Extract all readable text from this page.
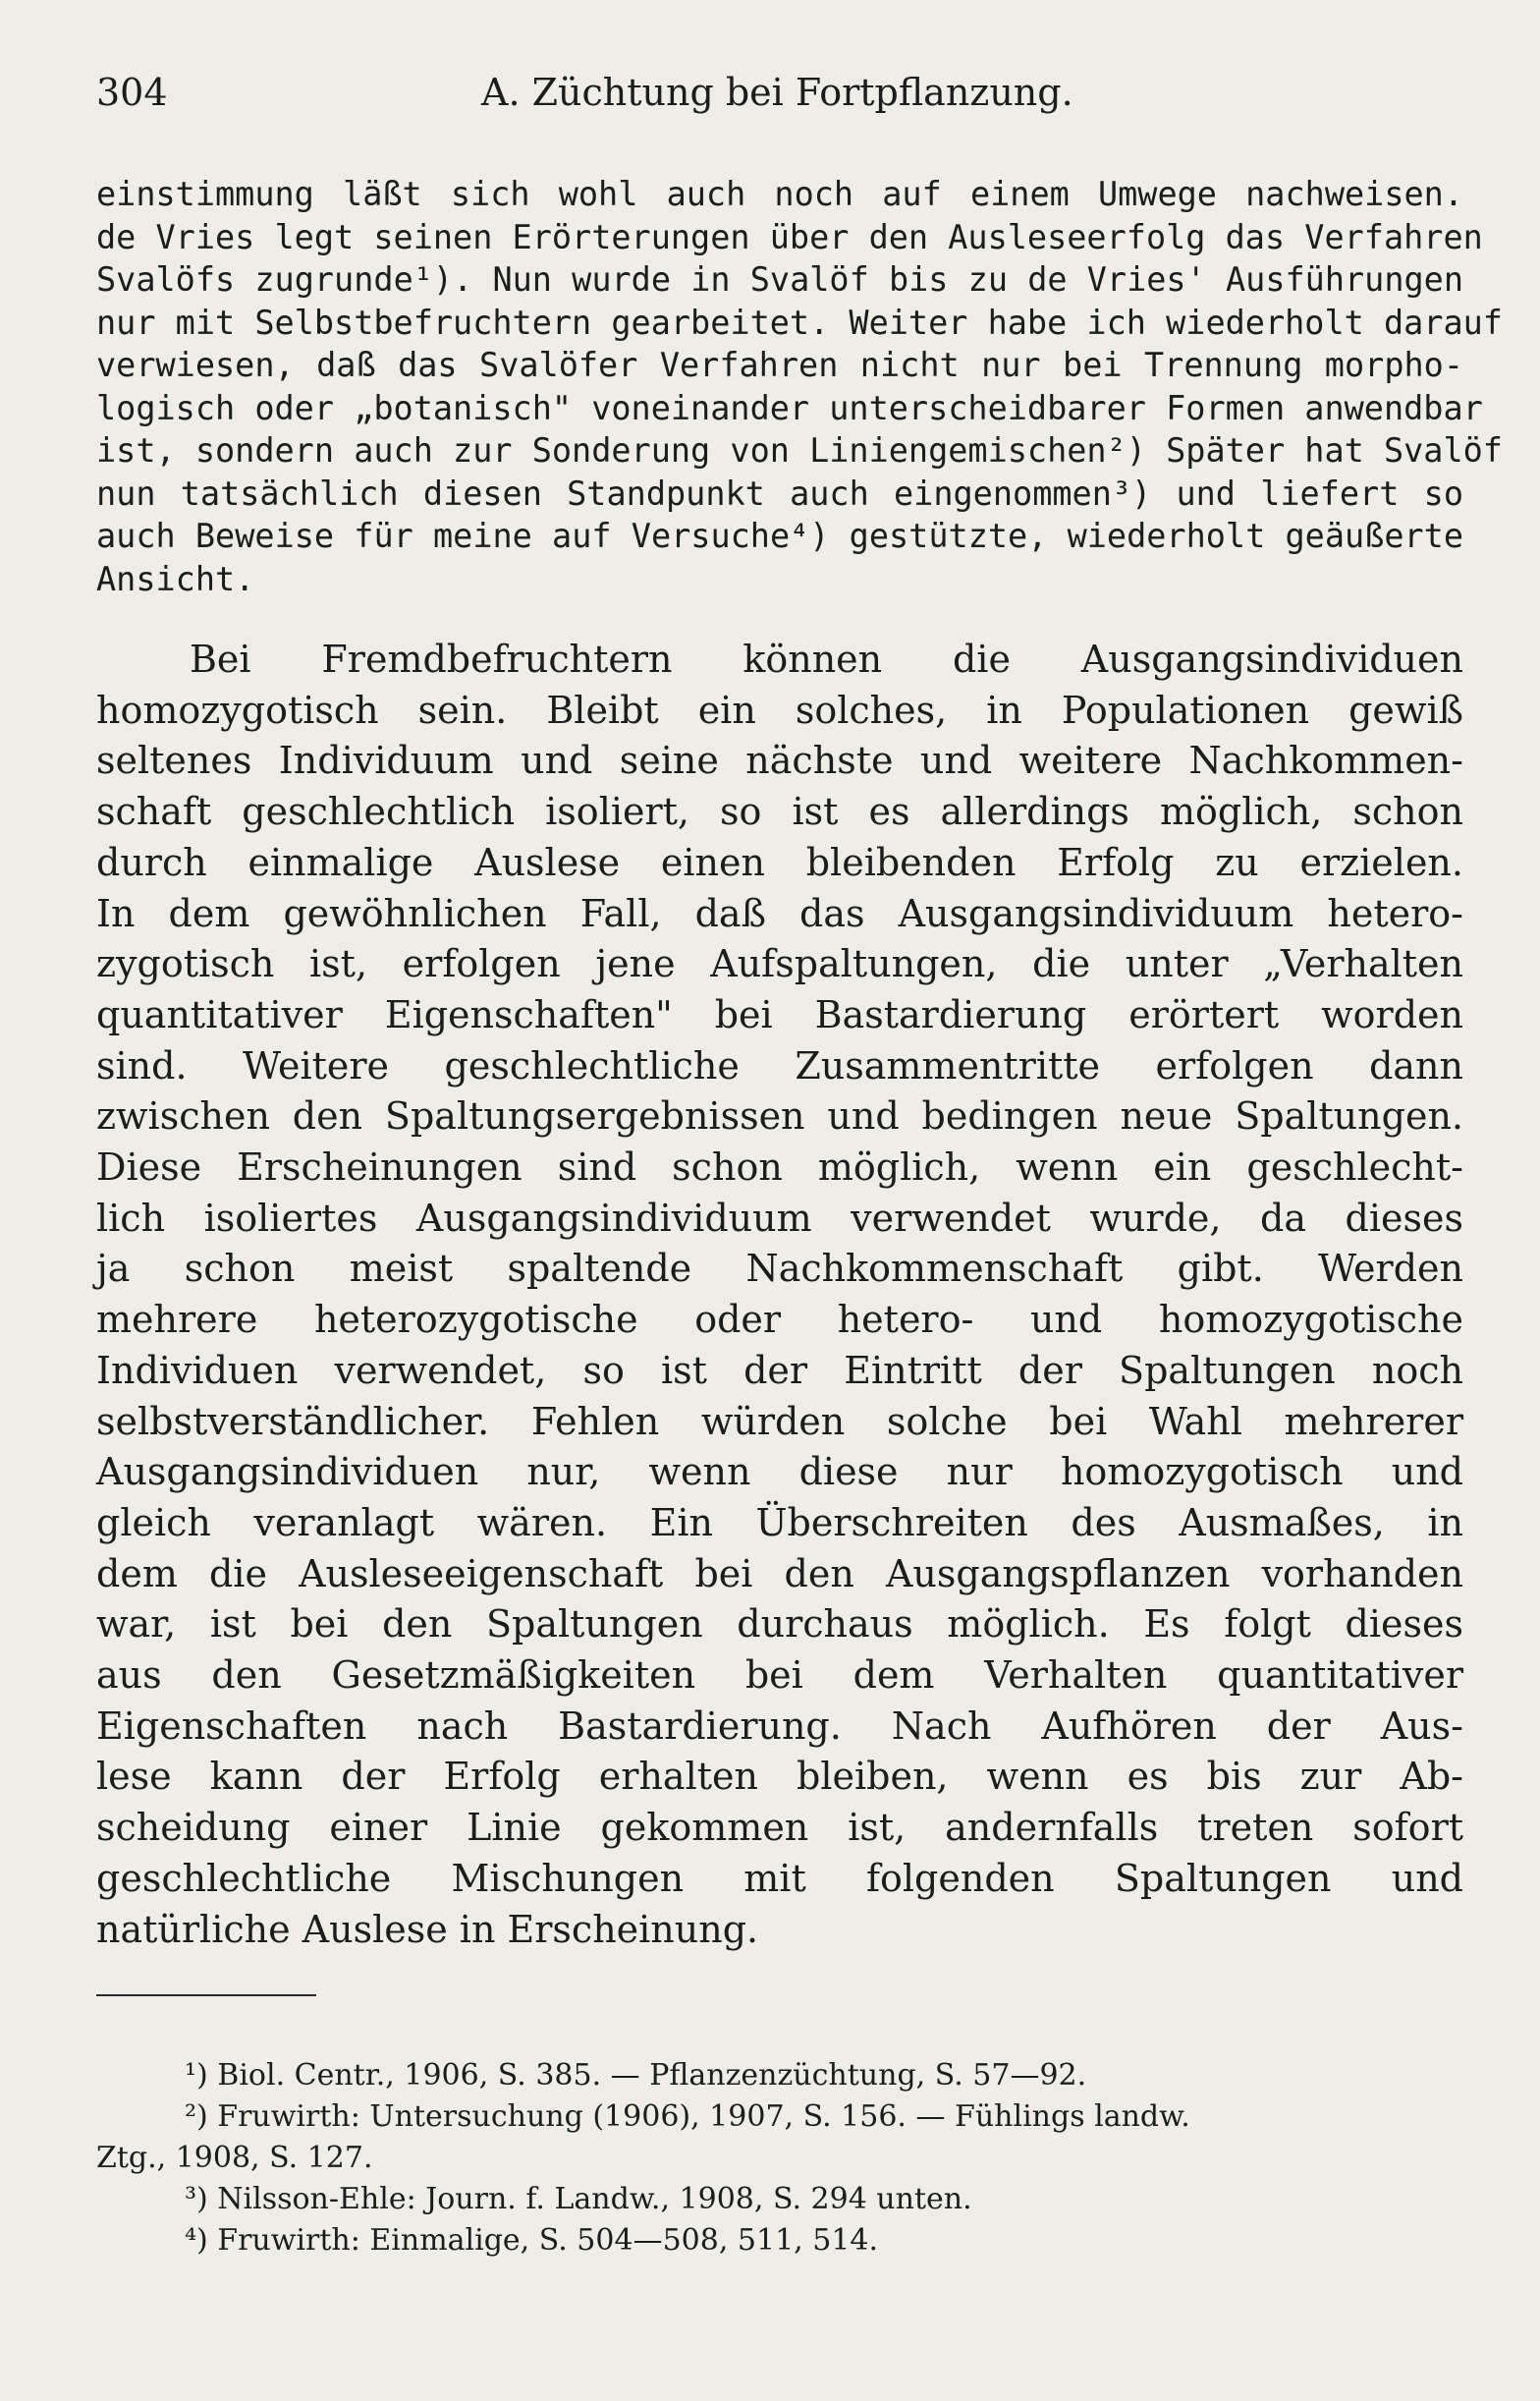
304	A. Züchtung bei Fortpflanzung.
einstimmung läßt sich wohl auch noch auf einem Umwege nachweisen.
de Vries legt seinen Erörterungen über den Ausleseerfolg das Verfahren
Svalöfs zugrunde¹). Nun wurde in Svalöf bis zu de Vries' Ausführungen
nur mit Selbstbefruchtern gearbeitet. Weiter habe ich wiederholt darauf
verwiesen, daß das Svalöfer Verfahren nicht nur bei Trennung morpho-
logisch oder „botanisch" voneinander unterscheidbarer Formen anwendbar
ist, sondern auch zur Sonderung von Liniengemischen²) Später hat Svalöf
nun tatsächlich diesen Standpunkt auch eingenommen³) und liefert so
auch Beweise für meine auf Versuche⁴) gestützte, wiederholt geäußerte
Ansicht.
Bei Fremdbefruchtern können die Ausgangsindividuen
homozygotisch sein. Bleibt ein solches, in Populationen gewiß
seltenes Individuum und seine nächste und weitere Nachkommen-
schaft geschlechtlich isoliert, so ist es allerdings möglich, schon
durch einmalige Auslese einen bleibenden Erfolg zu erzielen.
In dem gewöhnlichen Fall, daß das Ausgangsindividuum hetero-
zygotisch ist, erfolgen jene Aufspaltungen, die unter „Verhalten
quantitativer Eigenschaften" bei Bastardierung erörtert worden
sind. Weitere geschlechtliche Zusammentritte erfolgen dann
zwischen den Spaltungsergebnissen und bedingen neue Spaltungen.
Diese Erscheinungen sind schon möglich, wenn ein geschlecht-
lich isoliertes Ausgangsindividuum verwendet wurde, da dieses
ja schon meist spaltende Nachkommenschaft gibt. Werden
mehrere heterozygotische oder hetero- und homozygotische
Individuen verwendet, so ist der Eintritt der Spaltungen noch
selbstverständlicher. Fehlen würden solche bei Wahl mehrerer
Ausgangsindividuen nur, wenn diese nur homozygotisch und
gleich veranlagt wären. Ein Überschreiten des Ausmaßes, in
dem die Ausleseeigenschaft bei den Ausgangspflanzen vorhanden
war, ist bei den Spaltungen durchaus möglich. Es folgt dieses
aus den Gesetzmäßigkeiten bei dem Verhalten quantitativer
Eigenschaften nach Bastardierung. Nach Aufhören der Aus-
lese kann der Erfolg erhalten bleiben, wenn es bis zur Ab-
scheidung einer Linie gekommen ist, andernfalls treten sofort
geschlechtliche Mischungen mit folgenden Spaltungen und
natürliche Auslese in Erscheinung.
¹) Biol. Centr., 1906, S. 385. — Pflanzenzüchtung, S. 57—92.
²) Fruwirth: Untersuchung (1906), 1907, S. 156. — Fühlings landw.
Ztg., 1908, S. 127.
³) Nilsson-Ehle: Journ. f. Landw., 1908, S. 294 unten.
⁴) Fruwirth: Einmalige, S. 504—508, 511, 514.
